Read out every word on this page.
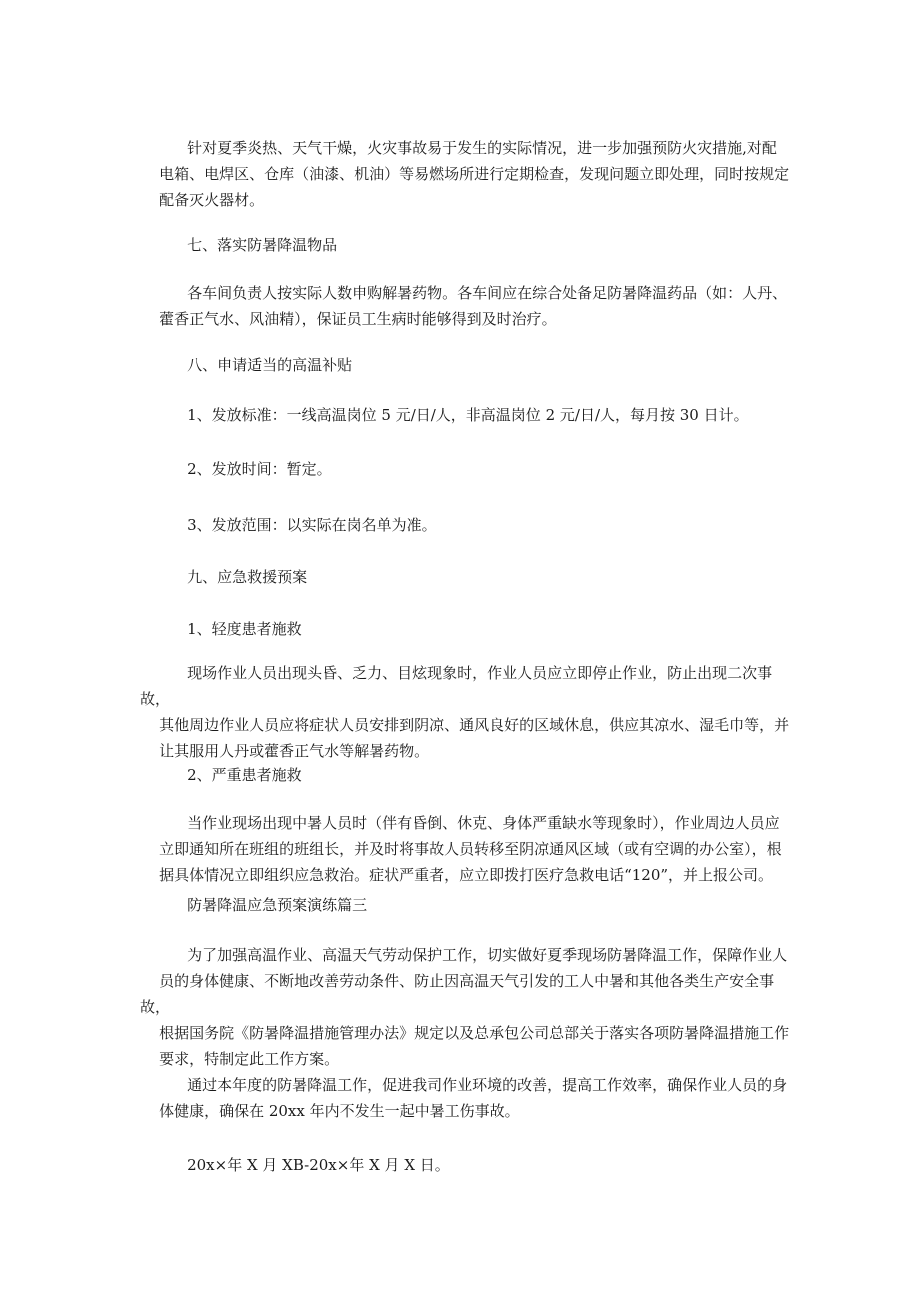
针对夏季炎热、天气干燥，火灾事故易于发生的实际情况，进一步加强预防火灾措施,对配
电箱、电焊区、仓库（油漆、机油）等易燃场所进行定期检查，发现问题立即处理，同时按规定
配备灭火器材。

七、落实防暑降温物品

各车间负责人按实际人数申购解暑药物。各车间应在综合处备足防暑降温药品（如：人丹、
藿香正气水、风油精），保证员工生病时能够得到及时治疗。

八、申请适当的高温补贴

1、发放标准：一线高温岗位 5 元/日/人，非高温岗位 2 元/日/人，每月按 30 日计。

2、发放时间：暂定。

3、发放范围：以实际在岗名单为准。

九、应急救援预案

1、轻度患者施救

现场作业人员出现头昏、乏力、目炫现象时，作业人员应立即停止作业，防止出现二次事故，
其他周边作业人员应将症状人员安排到阴凉、通风良好的区域休息，供应其凉水、湿毛巾等，并
让其服用人丹或藿香正气水等解暑药物。

2、严重患者施救

当作业现场出现中暑人员时（伴有昏倒、休克、身体严重缺水等现象时），作业周边人员应
立即通知所在班组的班组长，并及时将事故人员转移至阴凉通风区域（或有空调的办公室），根
据具体情况立即组织应急救治。症状严重者，应立即拨打医疗急救电话“120”，并上报公司。

防暑降温应急预案演练篇三

为了加强高温作业、高温天气劳动保护工作，切实做好夏季现场防暑降温工作，保障作业人
员的身体健康、不断地改善劳动条件、防止因高温天气引发的工人中暑和其他各类生产安全事故，
根据国务院《防暑降温措施管理办法》规定以及总承包公司总部关于落实各项防暑降温措施工作
要求，特制定此工作方案。

通过本年度的防暑降温工作，促进我司作业环境的改善，提高工作效率，确保作业人员的身
体健康，确保在 20xx 年内不发生一起中暑工伤事故。

20x×年 X 月 XB-20x×年 X 月 X 日。
